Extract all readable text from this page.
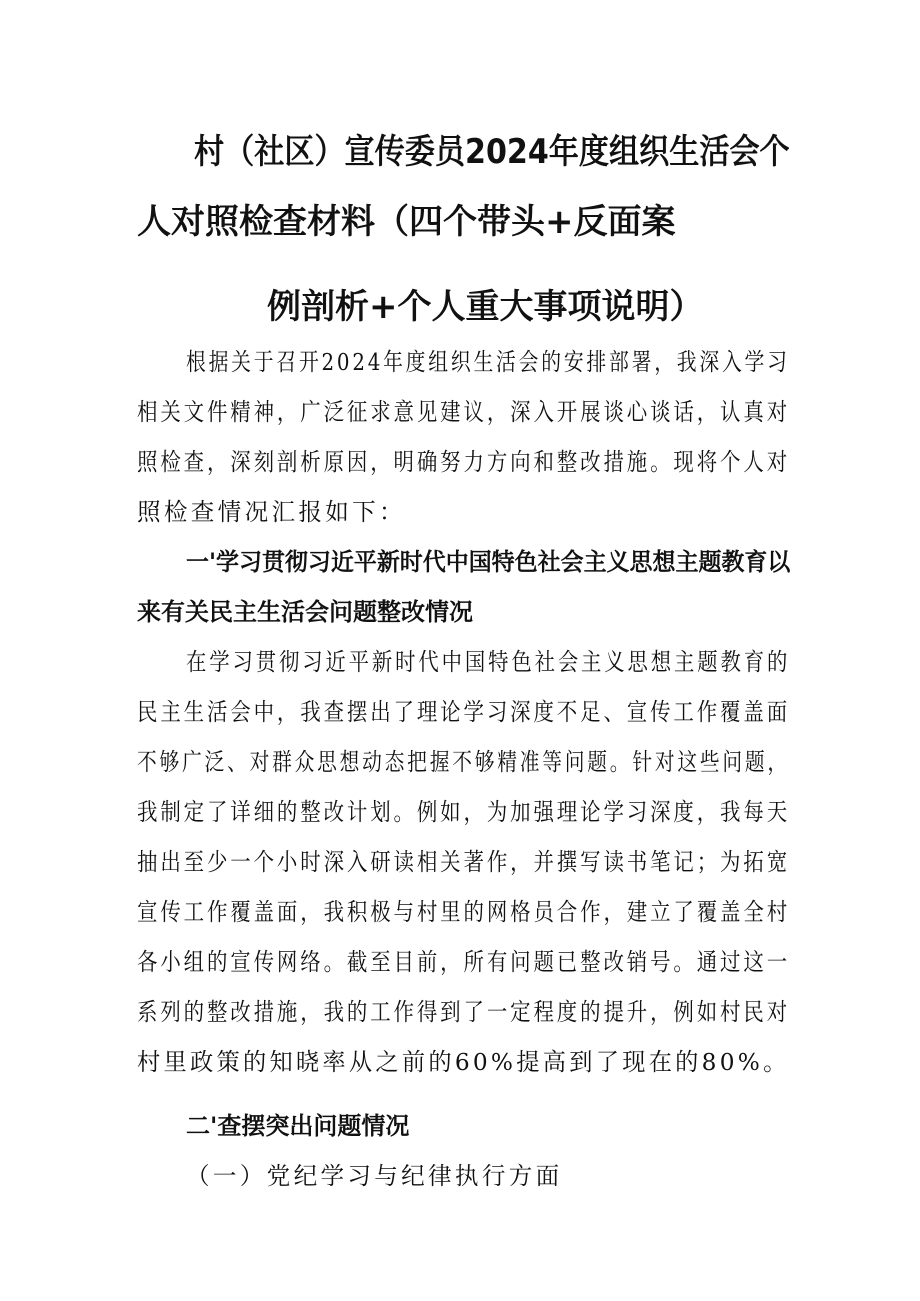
村（社区）宣传委员2024年度组织生活会个
人对照检查材料（四个带头+反面案
例剖析+个人重大事项说明）
根据关于召开2024年度组织生活会的安排部署，我深入学习
相关文件精神，广泛征求意见建议，深入开展谈心谈话，认真对
照检查，深刻剖析原因，明确努力方向和整改措施。现将个人对
照检查情况汇报如下：
一'学习贯彻习近平新时代中国特色社会主义思想主题教育以
来有关民主生活会问题整改情况
在学习贯彻习近平新时代中国特色社会主义思想主题教育的
民主生活会中，我查摆出了理论学习深度不足、宣传工作覆盖面
不够广泛、对群众思想动态把握不够精准等问题。针对这些问题，
我制定了详细的整改计划。例如，为加强理论学习深度，我每天
抽出至少一个小时深入研读相关著作，并撰写读书笔记；为拓宽
宣传工作覆盖面，我积极与村里的网格员合作，建立了覆盖全村
各小组的宣传网络。截至目前，所有问题已整改销号。通过这一
系列的整改措施，我的工作得到了一定程度的提升，例如村民对
村里政策的知晓率从之前的60%提高到了现在的80%。
二'查摆突出问题情况
（一）党纪学习与纪律执行方面
